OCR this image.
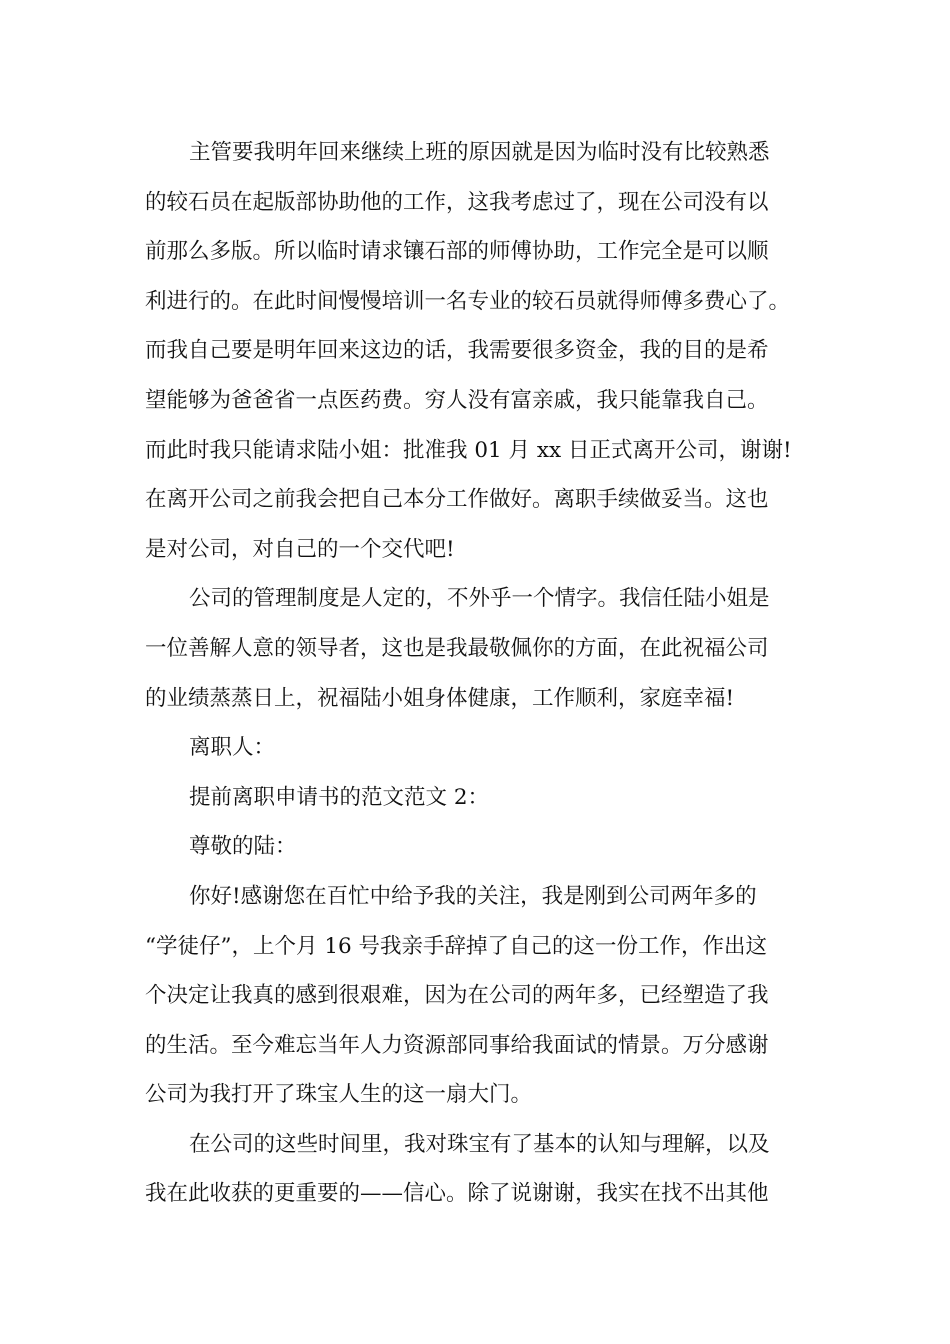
主管要我明年回来继续上班的原因就是因为临时没有比较熟悉
的较石员在起版部协助他的工作，这我考虑过了，现在公司没有以
前那么多版。所以临时请求镶石部的师傅协助，工作完全是可以顺
利进行的。在此时间慢慢培训一名专业的较石员就得师傅多费心了。
而我自己要是明年回来这边的话，我需要很多资金，我的目的是希
望能够为爸爸省一点医药费。穷人没有富亲戚，我只能靠我自己。
而此时我只能请求陆小姐：批准我 01 月 xx 日正式离开公司，谢谢!
在离开公司之前我会把自己本分工作做好。离职手续做妥当。这也
是对公司，对自己的一个交代吧!
公司的管理制度是人定的，不外乎一个情字。我信任陆小姐是
一位善解人意的领导者，这也是我最敬佩你的方面，在此祝福公司
的业绩蒸蒸日上，祝福陆小姐身体健康，工作顺利，家庭幸福!
离职人：
提前离职申请书的范文范文 2：
尊敬的陆：
你好!感谢您在百忙中给予我的关注，我是刚到公司两年多的
“学徒仔”，上个月 16 号我亲手辞掉了自己的这一份工作，作出这
个决定让我真的感到很艰难，因为在公司的两年多，已经塑造了我
的生活。至今难忘当年人力资源部同事给我面试的情景。万分感谢
公司为我打开了珠宝人生的这一扇大门。
在公司的这些时间里，我对珠宝有了基本的认知与理解，以及
我在此收获的更重要的——信心。除了说谢谢，我实在找不出其他
